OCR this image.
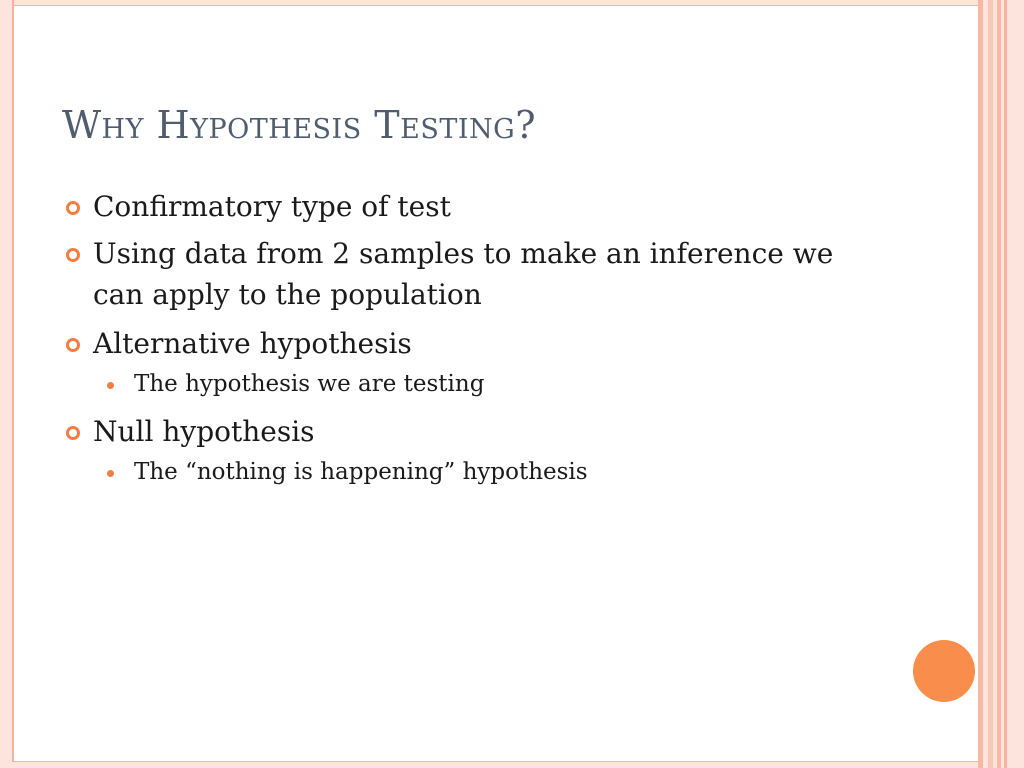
Why Hypothesis Testing?
Confirmatory type of test
Using data from 2 samples to make an inference we can apply to the population
Alternative hypothesis
The hypothesis we are testing
Null hypothesis
The “nothing is happening” hypothesis
